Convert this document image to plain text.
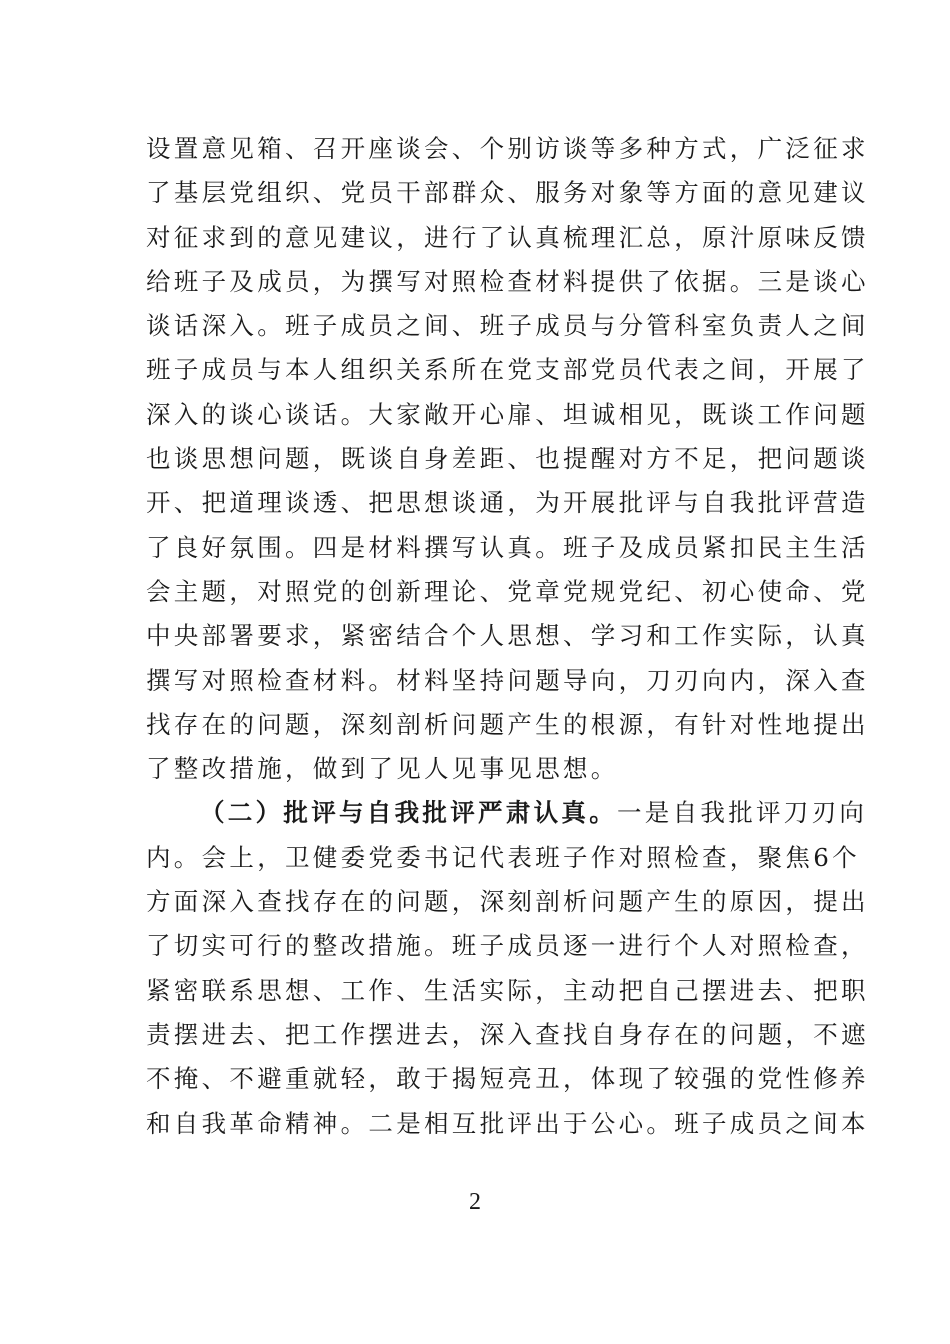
设置意见箱、召开座谈会、个别访谈等多种方式，广泛征求
了基层党组织、党员干部群众、服务对象等方面的意见建议
对征求到的意见建议，进行了认真梳理汇总，原汁原味反馈
给班子及成员，为撰写对照检查材料提供了依据。三是谈心
谈话深入。班子成员之间、班子成员与分管科室负责人之间
班子成员与本人组织关系所在党支部党员代表之间，开展了
深入的谈心谈话。大家敞开心扉、坦诚相见，既谈工作问题
也谈思想问题，既谈自身差距、也提醒对方不足，把问题谈
开、把道理谈透、把思想谈通，为开展批评与自我批评营造
了良好氛围。四是材料撰写认真。班子及成员紧扣民主生活
会主题，对照党的创新理论、党章党规党纪、初心使命、党
中央部署要求，紧密结合个人思想、学习和工作实际，认真
撰写对照检查材料。材料坚持问题导向，刀刃向内，深入查
找存在的问题，深刻剖析问题产生的根源，有针对性地提出
了整改措施，做到了见人见事见思想。
（二）批评与自我批评严肃认真。一是自我批评刀刃向
内。会上，卫健委党委书记代表班子作对照检查，聚焦6个
方面深入查找存在的问题，深刻剖析问题产生的原因，提出
了切实可行的整改措施。班子成员逐一进行个人对照检查，
紧密联系思想、工作、生活实际，主动把自己摆进去、把职
责摆进去、把工作摆进去，深入查找自身存在的问题，不遮
不掩、不避重就轻，敢于揭短亮丑，体现了较强的党性修养
和自我革命精神。二是相互批评出于公心。班子成员之间本
2
